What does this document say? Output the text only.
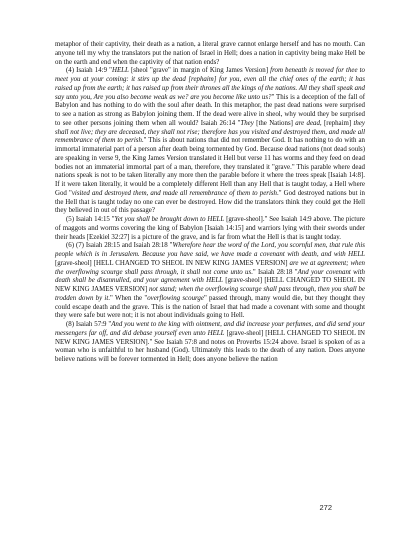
metaphor of their captivity, their death as a nation, a literal grave cannot enlarge herself and has no mouth. Can anyone tell my why the translators put the nation of Israel in Hell; does a nation in captivity being make Hell be on the earth and end when the captivity of that nation ends?

(4) Isaiah 14:9 "HELL [sheol "grave" in margin of King James Version] from beneath is moved for thee to meet you at your coming: it stirs up the dead [rephaim] for you, even all the chief ones of the earth; it has raised up from the earth; it has raised up from their thrones all the kings of the nations. All they shall speak and say unto you, Are you also become weak as we? are you become like unto us?" This is a deception of the fall of Babylon and has nothing to do with the soul after death. In this metaphor, the past dead nations were surprised to see a nation as strong as Babylon joining them. If the dead were alive in sheol, why would they be surprised to see other persons joining them when all would? Isaiah 26:14 "They [the Nations] are dead, [rephaim] they shall not live; they are deceased, they shall not rise; therefore has you visited and destroyed them, and made all remembrance of them to perish." This is about nations that did not remember God. It has nothing to do with an immortal immaterial part of a person after death being tormented by God. Because dead nations (not dead souls) are speaking in verse 9, the King James Version translated it Hell but verse 11 has worms and they feed on dead bodies not an immaterial immortal part of a man, therefore, they translated it "grave." This parable where dead nations speak is not to be taken literally any more then the parable before it where the trees speak [Isaiah 14:8]. If it were taken literally, it would be a completely different Hell than any Hell that is taught today, a Hell where God "visited and destroyed them, and made all remembrance of them to perish." God destroyed nations but in the Hell that is taught today no one can ever be destroyed. How did the translators think they could get the Hell they believed in out of this passage?

(5) Isaiah 14:15 "Yet you shall be brought down to HELL [grave-sheol]." See Isaiah 14:9 above. The picture of maggots and worms covering the king of Babylon [Isaiah 14:15] and warriors lying with their swords under their heads [Ezekiel 32:27] is a picture of the grave, and is far from what the Hell is that is taught today.

(6) (7) Isaiah 28:15 and Isaiah 28:18 "Wherefore hear the word of the Lord, you scornful men, that rule this people which is in Jerusalem. Because you have said, we have made a covenant with death, and with HELL [grave-sheol] [HELL CHANGED TO SHEOL IN NEW KING JAMES VERSION] are we at agreement; when the overflowing scourge shall pass through, it shall not come unto us." Isaiah 28:18 "And your covenant with death shall be disannulled, and your agreement with HELL [grave-sheol] [HELL CHANGED TO SHEOL IN NEW KING JAMES VERSION] not stand; when the overflowing scourge shall pass through, then you shall be trodden down by it." When the "overflowing scourge" passed through, many would die, but they thought they could escape death and the grave. This is the nation of Israel that had made a covenant with some and thought they were safe but were not; it is not about individuals going to Hell.

(8) Isaiah 57:9 "And you went to the king with ointment, and did increase your perfumes, and did send your messengers far off, and did debase yourself even unto HELL [grave-sheol] [HELL CHANGED TO SHEOL IN NEW KING JAMES VERSION]." See Isaiah 57:8 and notes on Proverbs 15:24 above. Israel is spoken of as a woman who is unfaithful to her husband (God). Ultimately this leads to the death of any nation. Does anyone believe nations will be forever tormented in Hell; does anyone believe the nation

272
